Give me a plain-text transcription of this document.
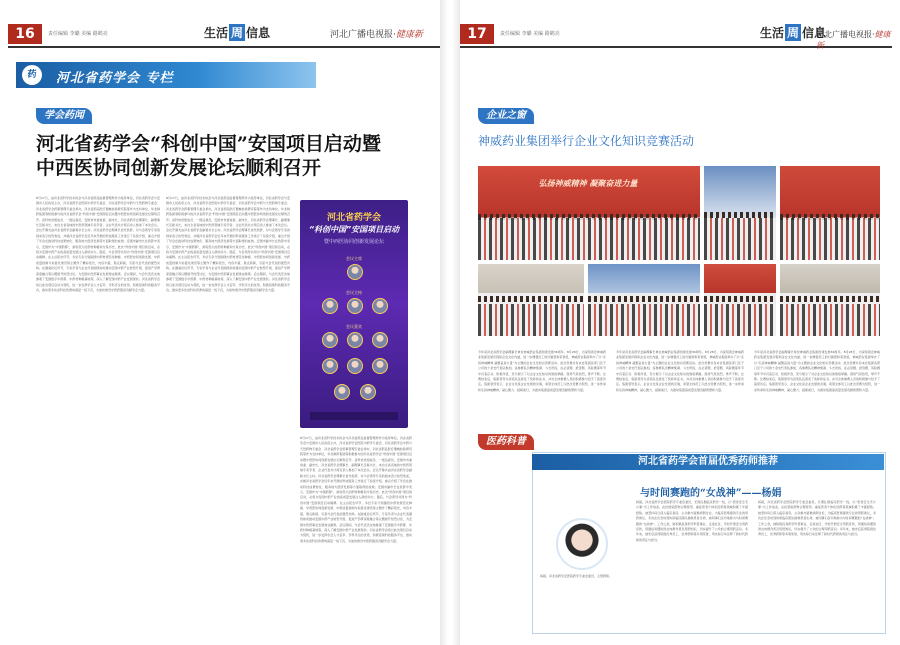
16	责任编辑 李璐 美编 路鹤亮	生活 周 信息	河北广播电视报·健康新
药	河北省药学会 专栏
学会药闻
河北省药学会“科创中国”安国项目启动暨
中西医协同创新发展论坛顺利召开
8月17日，由河北省科学技术协会与河北省药品监督管理局作为指导单位，河北省药学会与安国市人民政府主办，河北省药学会医院中药学专委会、河北省药学会中药与天然药物专委会、河北省药学会药事管理专委会承办，河北省药品医疗器械检验研究院等作为支持单位，华北制药集团等积极参与的河北省药学会“科创中国”安国项目启动暨中西医协同创新发展论坛顺利召开。省科协党组成员、一级巡视员，安国市市委常委、副市长，河北省药学会理事长、副理事长及秘书长，来自全省各地的中医药领域专家学者、企业代表共计两百余人参加了本次会议。会议开幕式由河北省药学会副秘书长主持。河北省药学会理事长首先致辞，对与会领导专家的到来表示热烈欢迎，并就河北省药学会近年来开展的科技服务工作进行了系统介绍，重点介绍了学会在推动科技成果转化、服务地方经济发展等方面取得的成效。安国市副市长在致辞中表示，安国作为“中国药都”，拥有悠久的药材种植和交易历史，此次“科创中国”项目的启动，必将为安国中药产业的高质量发展注入新的动力。随后，与会领导共同为“科创中国”安国项目启动揭牌。在主旨报告环节，多位专家分别围绕中药材规范化种植、中西医协同创新发展、中药质量控制与标准化建设等主题作了精彩报告，内容丰富，观点新颖，引起与会代表的强烈共鸣。在圆桌论坛环节，专家学者与企业代表围绕如何推动安国中药产业转型升级、促进产学研深度融合等议题展开热烈讨论，为安国中医药事业发展建言献策。会议期间，与会代表还实地参观了安国数字中药都、中药材种植基地等，深入了解安国中药产业发展现状。河北省药学会将以此次项目启动为契机，进一步发挥学会人才荟萃、学科齐全的优势，积极搭建科技服务平台，推动更多优质科技资源向基层一线下沉，为加快建设中医药强省贡献学会力量。
8月17日，由河北省科学技术协会与河北省药品监督管理局作为指导单位，河北省药学会与安国市人民政府主办，河北省药学会医院中药学专委会、河北省药学会中药与天然药物专委会、河北省药学会药事管理专委会承办，河北省药品医疗器械检验研究院等作为支持单位，华北制药集团等积极参与的河北省药学会“科创中国”安国项目启动暨中西医协同创新发展论坛顺利召开。省科协党组成员、一级巡视员，安国市市委常委、副市长，河北省药学会理事长、副理事长及秘书长，来自全省各地的中医药领域专家学者、企业代表共计两百余人参加了本次会议。会议开幕式由河北省药学会副秘书长主持。河北省药学会理事长首先致辞，对与会领导专家的到来表示热烈欢迎，并就河北省药学会近年来开展的科技服务工作进行了系统介绍，重点介绍了学会在推动科技成果转化、服务地方经济发展等方面取得的成效。安国市副市长在致辞中表示，安国作为“中国药都”，拥有悠久的药材种植和交易历史，此次“科创中国”项目的启动，必将为安国中药产业的高质量发展注入新的动力。随后，与会领导共同为“科创中国”安国项目启动揭牌。在主旨报告环节，多位专家分别围绕中药材规范化种植、中西医协同创新发展、中药质量控制与标准化建设等主题作了精彩报告，内容丰富，观点新颖，引起与会代表的强烈共鸣。在圆桌论坛环节，专家学者与企业代表围绕如何推动安国中药产业转型升级、促进产学研深度融合等议题展开热烈讨论，为安国中医药事业发展建言献策。会议期间，与会代表还实地参观了安国数字中药都、中药材种植基地等，深入了解安国中药产业发展现状。河北省药学会将以此次项目启动为契机，进一步发挥学会人才荟萃、学科齐全的优势，积极搭建科技服务平台，推动更多优质科技资源向基层一线下沉，为加快建设中医药强省贡献学会力量。
8月17日，由河北省科学技术协会与河北省药品监督管理局作为指导单位，河北省药学会与安国市人民政府主办，河北省药学会医院中药学专委会、河北省药学会中药与天然药物专委会、河北省药学会药事管理专委会承办，河北省药品医疗器械检验研究院等作为支持单位，华北制药集团等积极参与的河北省药学会“科创中国”安国项目启动暨中西医协同创新发展论坛顺利召开。省科协党组成员、一级巡视员，安国市市委常委、副市长，河北省药学会理事长、副理事长及秘书长，来自全省各地的中医药领域专家学者、企业代表共计两百余人参加了本次会议。会议开幕式由河北省药学会副秘书长主持。河北省药学会理事长首先致辞，对与会领导专家的到来表示热烈欢迎，并就河北省药学会近年来开展的科技服务工作进行了系统介绍，重点介绍了学会在推动科技成果转化、服务地方经济发展等方面取得的成效。安国市副市长在致辞中表示，安国作为“中国药都”，拥有悠久的药材种植和交易历史，此次“科创中国”项目的启动，必将为安国中药产业的高质量发展注入新的动力。随后，与会领导共同为“科创中国”安国项目启动揭牌。在主旨报告环节，多位专家分别围绕中药材规范化种植、中西医协同创新发展、中药质量控制与标准化建设等主题作了精彩报告，内容丰富，观点新颖，引起与会代表的强烈共鸣。在圆桌论坛环节，专家学者与企业代表围绕如何推动安国中药产业转型升级、促进产学研深度融合等议题展开热烈讨论，为安国中医药事业发展建言献策。会议期间，与会代表还实地参观了安国数字中药都、中药材种植基地等，深入了解安国中药产业发展现状。河北省药学会将以此次项目启动为契机，进一步发挥学会人才荟萃、学科齐全的优势，积极搭建科技服务平台，推动更多优质科技资源向基层一线下沉，为加快建设中医药强省贡献学会力量。
河北省药学会
“科创中国”安国项目启动
暨中西医协同创新发展论坛
会议主席
会议主持
会议嘉宾
17	责任编辑 李璐 美编 路鹤亮	生活 周 信息
河北广播电视报·健康新
企业之窗
神威药业集团举行企业文化知识竞赛活动
弘扬神威精神 凝聚奋进力量
今年是河北省药学会副理事长单位神威药业集团创建发展36周年。8月28日，为深刻领会神威药业集团发展历程和企业文化内涵，进一步增强员工的归属感和荣誉感，神威药业集团举办了以“弘扬神威精神 凝聚奋进力量”为主题的企业文化知识竞赛活动。此次竞赛共有来自集团各部门及子公司的十余支代表队参加，各参赛队员精神饱满、斗志昂扬，在必答题、抢答题、风险题等环节中沉着应对、积极作答，充分展示了对企业文化知识的熟练掌握。现场气氛热烈，掌声不断。比赛结束后，集团领导为获奖队伍颁发了奖杯和证书，并对全体参赛人员的积极参与给予了高度肯定。集团领导表示，企业文化是企业发展的灵魂，希望全体员工以此次竞赛为契机，进一步传承和弘扬神威精神，凝心聚力、砥砺前行，为推动集团高质量发展贡献智慧和力量。
今年是河北省药学会副理事长单位神威药业集团创建发展36周年。8月28日，为深刻领会神威药业集团发展历程和企业文化内涵，进一步增强员工的归属感和荣誉感，神威药业集团举办了以“弘扬神威精神 凝聚奋进力量”为主题的企业文化知识竞赛活动。此次竞赛共有来自集团各部门及子公司的十余支代表队参加，各参赛队员精神饱满、斗志昂扬，在必答题、抢答题、风险题等环节中沉着应对、积极作答，充分展示了对企业文化知识的熟练掌握。现场气氛热烈，掌声不断。比赛结束后，集团领导为获奖队伍颁发了奖杯和证书，并对全体参赛人员的积极参与给予了高度肯定。集团领导表示，企业文化是企业发展的灵魂，希望全体员工以此次竞赛为契机，进一步传承和弘扬神威精神，凝心聚力、砥砺前行，为推动集团高质量发展贡献智慧和力量。
今年是河北省药学会副理事长单位神威药业集团创建发展36周年。8月28日，为深刻领会神威药业集团发展历程和企业文化内涵，进一步增强员工的归属感和荣誉感，神威药业集团举办了以“弘扬神威精神 凝聚奋进力量”为主题的企业文化知识竞赛活动。此次竞赛共有来自集团各部门及子公司的十余支代表队参加，各参赛队员精神饱满、斗志昂扬，在必答题、抢答题、风险题等环节中沉着应对、积极作答，充分展示了对企业文化知识的熟练掌握。现场气氛热烈，掌声不断。比赛结束后，集团领导为获奖队伍颁发了奖杯和证书，并对全体参赛人员的积极参与给予了高度肯定。集团领导表示，企业文化是企业发展的灵魂，希望全体员工以此次竞赛为契机，进一步传承和弘扬神威精神，凝心聚力、砥砺前行，为推动集团高质量发展贡献智慧和力量。
医药科普
河北省药学会首届优秀药师推荐
与时间赛跑的“女战神”——杨娟
杨娟，河北省药学会医院药学专委会委员，主管药师。
杨娟，河北省药学会医院药学专委会委员，长期扎根临床药学一线，以“患者安全无小事”为工作信条，在抗感染药物合理使用、重症患者个体化给药等领域积累了丰富经验。她坚持每日深入临床查房，主动参与疑难病例讨论，为临床医师提供专业的用药建议，多次在危急时刻协助临床团队挽救患者生命，被同事们亲切地称为与时间赛跑的“女战神”。工作之余，她积极投身药学科普事业，走进社区、学校开展安全用药宣传，用通俗易懂的语言向群众普及用药知识，切实提升了公众的合理用药意识。多年来，她先后获得院级优秀员工、优秀药师等多项荣誉，用实际行动诠释了新时代药师的责任与担当。
杨娟，河北省药学会医院药学专委会委员，长期扎根临床药学一线，以“患者安全无小事”为工作信条，在抗感染药物合理使用、重症患者个体化给药等领域积累了丰富经验。她坚持每日深入临床查房，主动参与疑难病例讨论，为临床医师提供专业的用药建议，多次在危急时刻协助临床团队挽救患者生命，被同事们亲切地称为与时间赛跑的“女战神”。工作之余，她积极投身药学科普事业，走进社区、学校开展安全用药宣传，用通俗易懂的语言向群众普及用药知识，切实提升了公众的合理用药意识。多年来，她先后获得院级优秀员工、优秀药师等多项荣誉，用实际行动诠释了新时代药师的责任与担当。
